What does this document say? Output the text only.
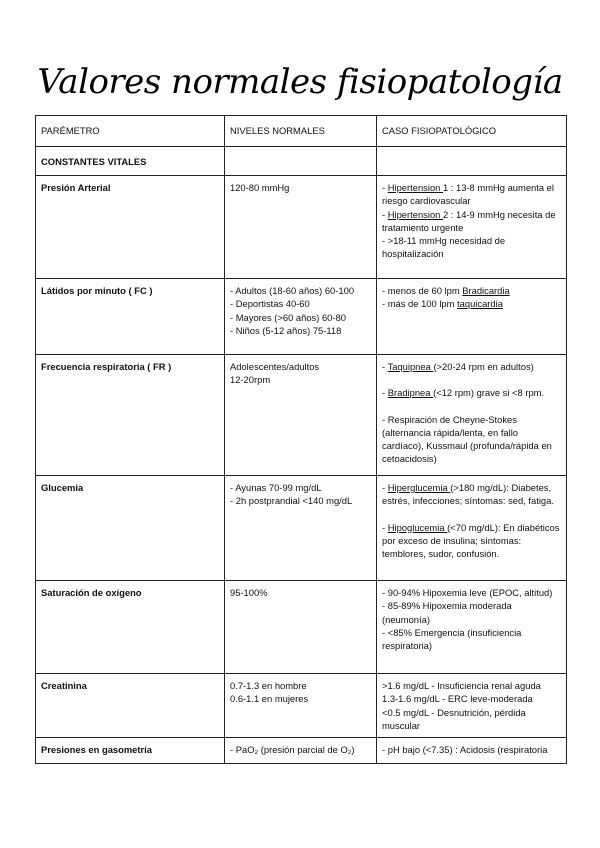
Valores normales fisiopatología
PARÉMETRO	NIVELES NORMALES	CASO FISIOPATOLÓGICO
CONSTANTES VITALES		
Presión Arterial	120-80 mmHg	- Hipertension 1 : 13-8 mmHg aumenta el riesgo cardiovascular
- Hipertension 2 : 14-9 mmHg necesita de tratamiento urgente
- >18-11 mmHg necesidad de hospitalización

Látidos por minuto ( FC )	- Adultos (18-60 años) 60-100
- Deportistas 40-60
- Mayores (>60 años) 60-80
- Niños (5-12 años) 75-118	- menos de 60 lpm Bradicardia
- más de 100 lpm taquicardia

Frecuencia respiratoria ( FR )	Adolescentes/adultos
12-20rpm	- Taquipnea (>20-24 rpm en adultos)
- Bradipnea (<12 rpm) grave si <8 rpm.
- Respiración de Cheyne-Stokes (alternancia rápida/lenta, en fallo cardíaco), Kussmaul (profunda/rápida en cetoacidosis)

Glucemia	- Ayunas 70-99 mg/dL
- 2h postprandial <140 mg/dL	- Hiperglucemia (>180 mg/dL): Diabetes, estrés, infecciones; síntomas: sed, fatiga.
- Hipoglucemia (<70 mg/dL): En diabéticos por exceso de insulina; síntomas: temblores, sudor, confusión.

Saturación de oxígeno	95-100%	- 90-94% Hipoxemia leve (EPOC, altitud)
- 85-89% Hipoxemia moderada (neumonía)
- <85% Emergencia (insuficiencia respiratoria)

Creatinina	0.7-1.3 en hombre
0.6-1.1 en mujeres	>1.6 mg/dL - Insuficiencia renal aguda
1.3-1.6 mg/dL - ERC leve-moderada
<0.5 mg/dL - Desnutrición, pérdida muscular

Presiones en gasometría	- PaO₂ (presión parcial de O₂)	- pH bajo (<7.35) : Acidosis (respiratoria
